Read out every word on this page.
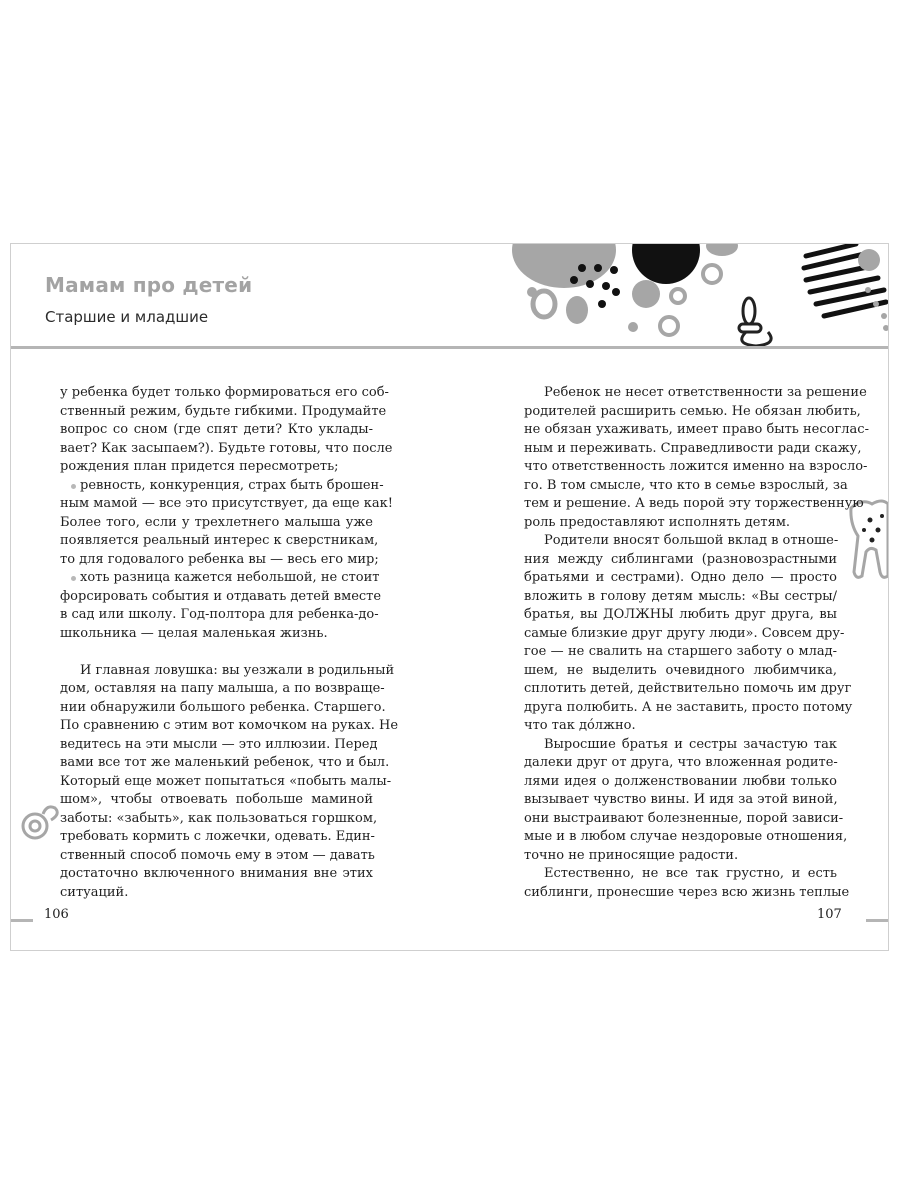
Мамам про детей
Старшие и младшие
у ребенка будет только формироваться его соб-
ственный режим, будьте гибкими. Продумайте
вопрос со сном (где спят дети? Кто уклады-
вает? Как засыпаем?). Будьте готовы, что после
рождения план придется пересмотреть;
ревность, конкуренция, страх быть брошен-
ным мамой — все это присутствует, да еще как!
Более того, если у трехлетнего малыша уже
появляется реальный интерес к сверстникам,
то для годовалого ребенка вы — весь его мир;
хоть разница кажется небольшой, не стоит
форсировать события и отдавать детей вместе
в сад или школу. Год-полтора для ребенка-до-
школьника — целая маленькая жизнь.
И главная ловушка: вы уезжали в родильный
дом, оставляя на папу малыша, а по возвраще-
нии обнаружили большого ребенка. Старшего.
По сравнению с этим вот комочком на руках. Не
ведитесь на эти мысли — это иллюзии. Перед
вами все тот же маленький ребенок, что и был.
Который еще может попытаться «побыть малы-
шом», чтобы отвоевать побольше маминой
заботы: «забыть», как пользоваться горшком,
требовать кормить с ложечки, одевать. Един-
ственный способ помочь ему в этом — давать
достаточно включенного внимания вне этих
ситуаций.
Ребенок не несет ответственности за решение
родителей расширить семью. Не обязан любить,
не обязан ухаживать, имеет право быть несоглас-
ным и переживать. Справедливости ради скажу,
что ответственность ложится именно на взросло-
го. В том смысле, что кто в семье взрослый, за
тем и решение. А ведь порой эту торжественную
роль предоставляют исполнять детям.
Родители вносят большой вклад в отноше-
ния между сиблингами (разновозрастными
братьями и сестрами). Одно дело — просто
вложить в голову детям мысль: «Вы сестры/
братья, вы ДОЛЖНЫ любить друг друга, вы
самые близкие друг другу люди». Совсем дру-
гое — не свалить на старшего заботу о млад-
шем, не выделить очевидного любимчика,
сплотить детей, действительно помочь им друг
друга полюбить. А не заставить, просто потому
что так дóлжно.
Выросшие братья и сестры зачастую так
далеки друг от друга, что вложенная родите-
лями идея о долженствовании любви только
вызывает чувство вины. И идя за этой виной,
они выстраивают болезненные, порой зависи-
мые и в любом случае нездоровые отношения,
точно не приносящие радости.
Естественно, не все так грустно, и есть
сиблинги, пронесшие через всю жизнь теплые
106	107
